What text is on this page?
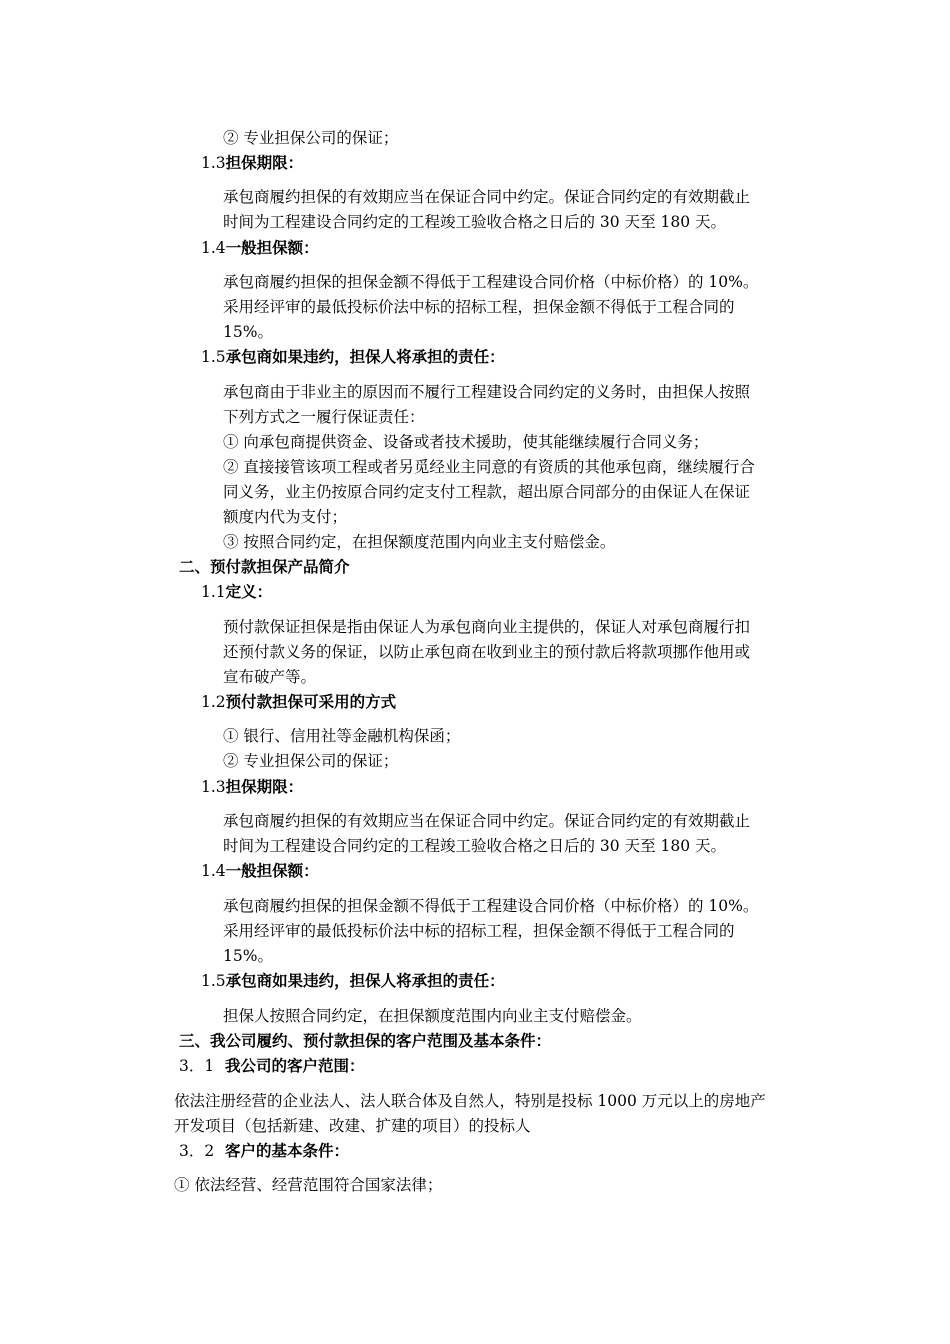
② 专业担保公司的保证；
1.3担保期限：
承包商履约担保的有效期应当在保证合同中约定。保证合同约定的有效期截止
时间为工程建设合同约定的工程竣工验收合格之日后的 30 天至 180 天。
1.4一般担保额：
承包商履约担保的担保金额不得低于工程建设合同价格（中标价格）的 10%。
采用经评审的最低投标价法中标的招标工程，担保金额不得低于工程合同的
15%。
1.5承包商如果违约，担保人将承担的责任：
承包商由于非业主的原因而不履行工程建设合同约定的义务时，由担保人按照
下列方式之一履行保证责任：
① 向承包商提供资金、设备或者技术援助，使其能继续履行合同义务；
② 直接接管该项工程或者另觅经业主同意的有资质的其他承包商，继续履行合
同义务，业主仍按原合同约定支付工程款，超出原合同部分的由保证人在保证
额度内代为支付；
③ 按照合同约定，在担保额度范围内向业主支付赔偿金。
二、预付款担保产品简介
1.1定义：
预付款保证担保是指由保证人为承包商向业主提供的，保证人对承包商履行扣
还预付款义务的保证，以防止承包商在收到业主的预付款后将款项挪作他用或
宣布破产等。
1.2预付款担保可采用的方式
① 银行、信用社等金融机构保函；
② 专业担保公司的保证；
1.3担保期限：
承包商履约担保的有效期应当在保证合同中约定。保证合同约定的有效期截止
时间为工程建设合同约定的工程竣工验收合格之日后的 30 天至 180 天。
1.4一般担保额：
承包商履约担保的担保金额不得低于工程建设合同价格（中标价格）的 10%。
采用经评审的最低投标价法中标的招标工程，担保金额不得低于工程合同的
15%。
1.5承包商如果违约，担保人将承担的责任：
担保人按照合同约定，在担保额度范围内向业主支付赔偿金。
三、我公司履约、预付款担保的客户范围及基本条件：
3．1 我公司的客户范围：
依法注册经营的企业法人、法人联合体及自然人，特别是投标 1000 万元以上的房地产
开发项目（包括新建、改建、扩建的项目）的投标人
3．2 客户的基本条件：
① 依法经营、经营范围符合国家法律；
